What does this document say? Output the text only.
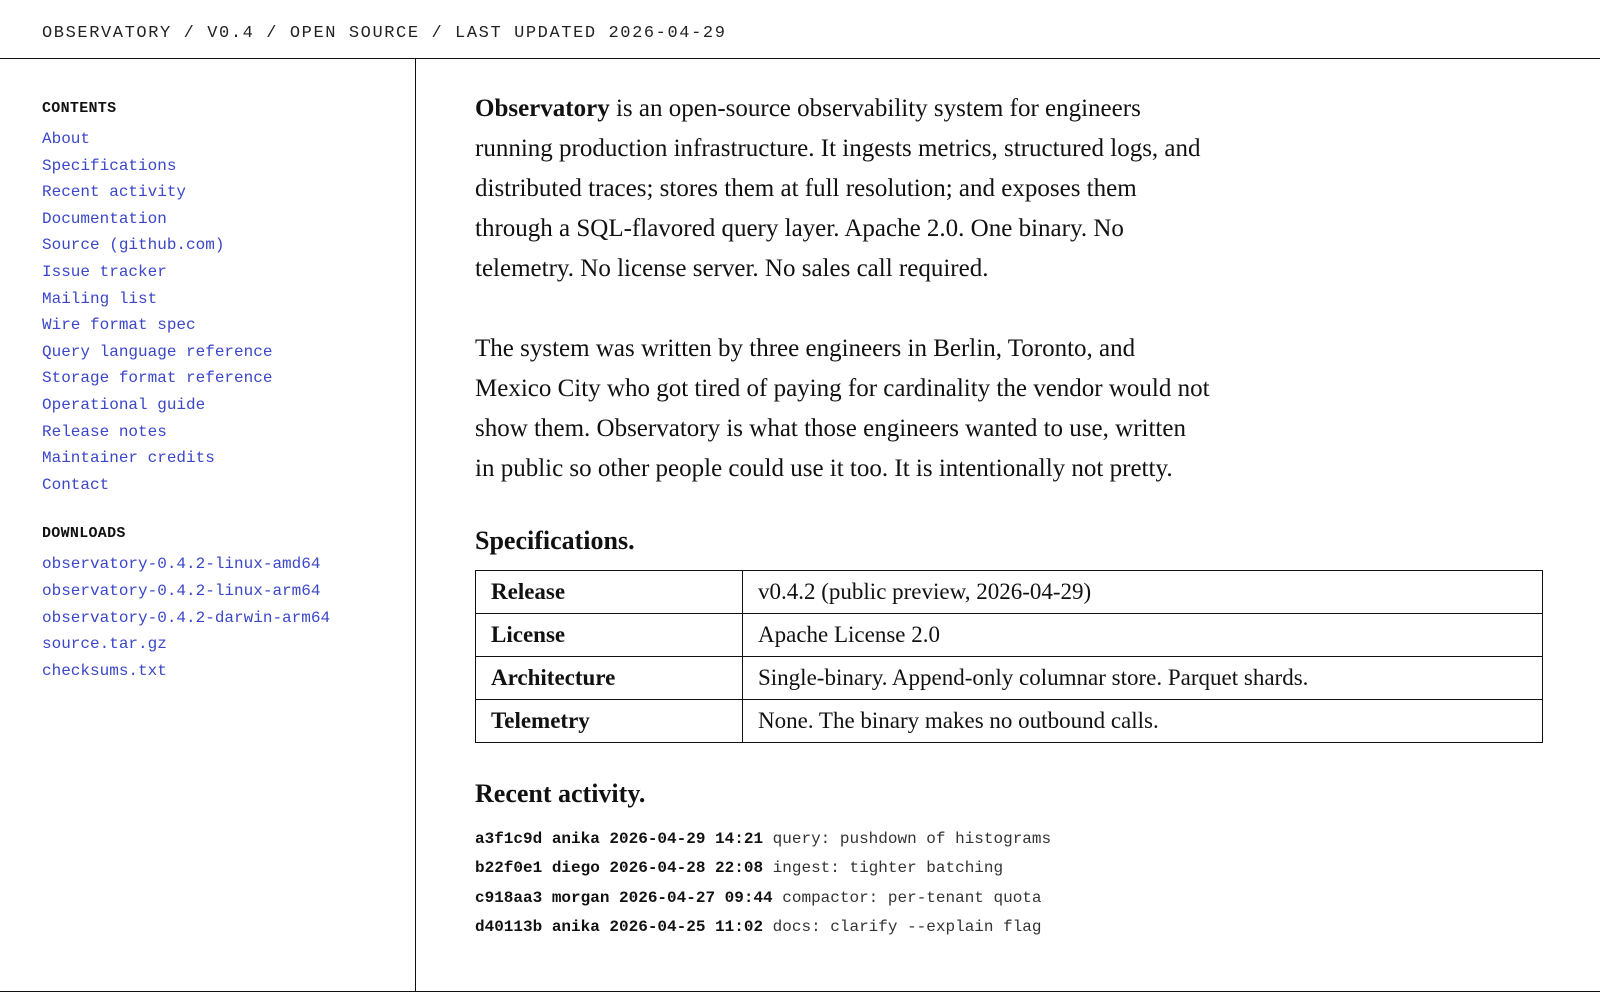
OBSERVATORY / V0.4 / OPEN SOURCE / LAST UPDATED 2026-04-29
CONTENTS
About
Specifications
Recent activity
Documentation
Source (github.com)
Issue tracker
Mailing list
Wire format spec
Query language reference
Storage format reference
Operational guide
Release notes
Maintainer credits
Contact
DOWNLOADS
observatory-0.4.2-linux-amd64
observatory-0.4.2-linux-arm64
observatory-0.4.2-darwin-arm64
source.tar.gz
checksums.txt

Observatory is an open-source observability system for engineers running production infrastructure. It ingests metrics, structured logs, and distributed traces; stores them at full resolution; and exposes them through a SQL-flavored query layer. Apache 2.0. One binary. No telemetry. No license server. No sales call required.

The system was written by three engineers in Berlin, Toronto, and Mexico City who got tired of paying for cardinality the vendor would not show them. Observatory is what those engineers wanted to use, written in public so other people could use it too. It is intentionally not pretty.

Specifications.
Release	v0.4.2 (public preview, 2026-04-29)
License	Apache License 2.0
Architecture	Single-binary. Append-only columnar store. Parquet shards.
Telemetry	None. The binary makes no outbound calls.
Recent activity.
a3f1c9d anika 2026-04-29 14:21 query: pushdown of histograms
b22f0e1 diego 2026-04-28 22:08 ingest: tighter batching
c918aa3 morgan 2026-04-27 09:44 compactor: per-tenant quota
d40113b anika 2026-04-25 11:02 docs: clarify --explain flag
